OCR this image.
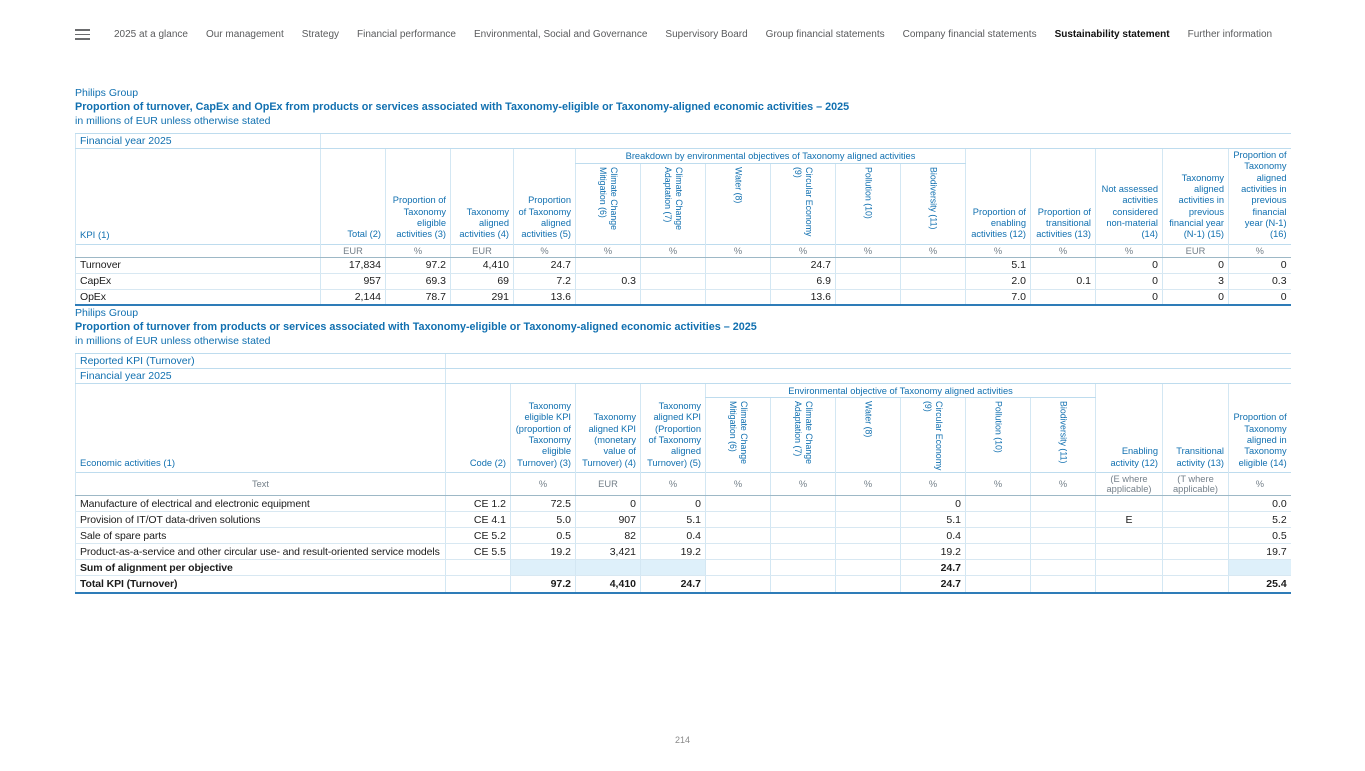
2025 at a glance Our management Strategy Financial performance Environmental, Social and Governance Supervisory Board Group financial statements Company financial statements Sustainability statement Further information
Philips Group
Proportion of turnover, CapEx and OpEx from products or services associated with Taxonomy-eligible or Taxonomy-aligned economic activities – 2025
in millions of EUR unless otherwise stated
Financial year 2025															
KPI (1)	Total (2)	Proportion of Taxonomy eligible activities (3)	Taxonomy aligned activities (4)	Proportion of Taxonomy aligned activities (5)	Breakdown by environmental objectives of Taxonomy aligned activities						Proportion of enabling activities (12)	Proportion of transitional activities (13)	Not assessed activities considered non-material (14)	Taxonomy aligned activities in previous financial year (N-1) (15)	Proportion of Taxonomy aligned activities in previous financial year (N-1) (16)

					Climate Change Mitigation (6)	Climate Change Adaptation (7)	Water (8)	Circular Economy (9)	Pollution (10)	Biodiversity (11)					

	EUR	%	EUR	%	%	%	%	%	%	%	%	%	%	EUR	%
Turnover	17,834	97.2	4,410	24.7				24.7			5.1		0	0	0
CapEx	957	69.3	69	7.2	0.3			6.9			2.0	0.1	0	3	0.3
OpEx	2,144	78.7	291	13.6				13.6			7.0		0	0	0
Philips Group
Proportion of turnover from products or services associated with Taxonomy-eligible or Taxonomy-aligned economic activities – 2025
in millions of EUR unless otherwise stated
Reported KPI (Turnover)													
Financial year 2025													
Economic activities (1)	Code (2)	Taxonomy eligible KPI (proportion of Taxonomy eligible Turnover) (3)	Taxonomy aligned KPI (monetary value of Turnover) (4)	Taxonomy aligned KPI (Proportion of Taxonomy aligned Turnover) (5)	Environmental objective of Taxonomy aligned activities						Enabling activity (12)	Transitional activity (13)	Proportion of Taxonomy aligned in Taxonomy eligible (14)

					Climate Change Mitigation (6)	Climate Change Adaptation (7)	Water (8)	Circular Economy (9)	Pollution (10)	Biodiversity (11)			

Text		%	EUR	%	%	%	%	%	%	%	(E where applicable)	(T where applicable)	%
Manufacture of electrical and electronic equipment	CE 1.2	72.5	0	0				0					0.0
Provision of IT/OT data-driven solutions	CE 4.1	5.0	907	5.1				5.1			E		5.2
Sale of spare parts	CE 5.2	0.5	82	0.4				0.4					0.5
Product-as-a-service and other circular use- and result-oriented service models	CE 5.5	19.2	3,421	19.2				19.2					19.7
Sum of alignment per objective								24.7					
Total KPI (Turnover)		97.2	4,410	24.7				24.7					25.4
214
